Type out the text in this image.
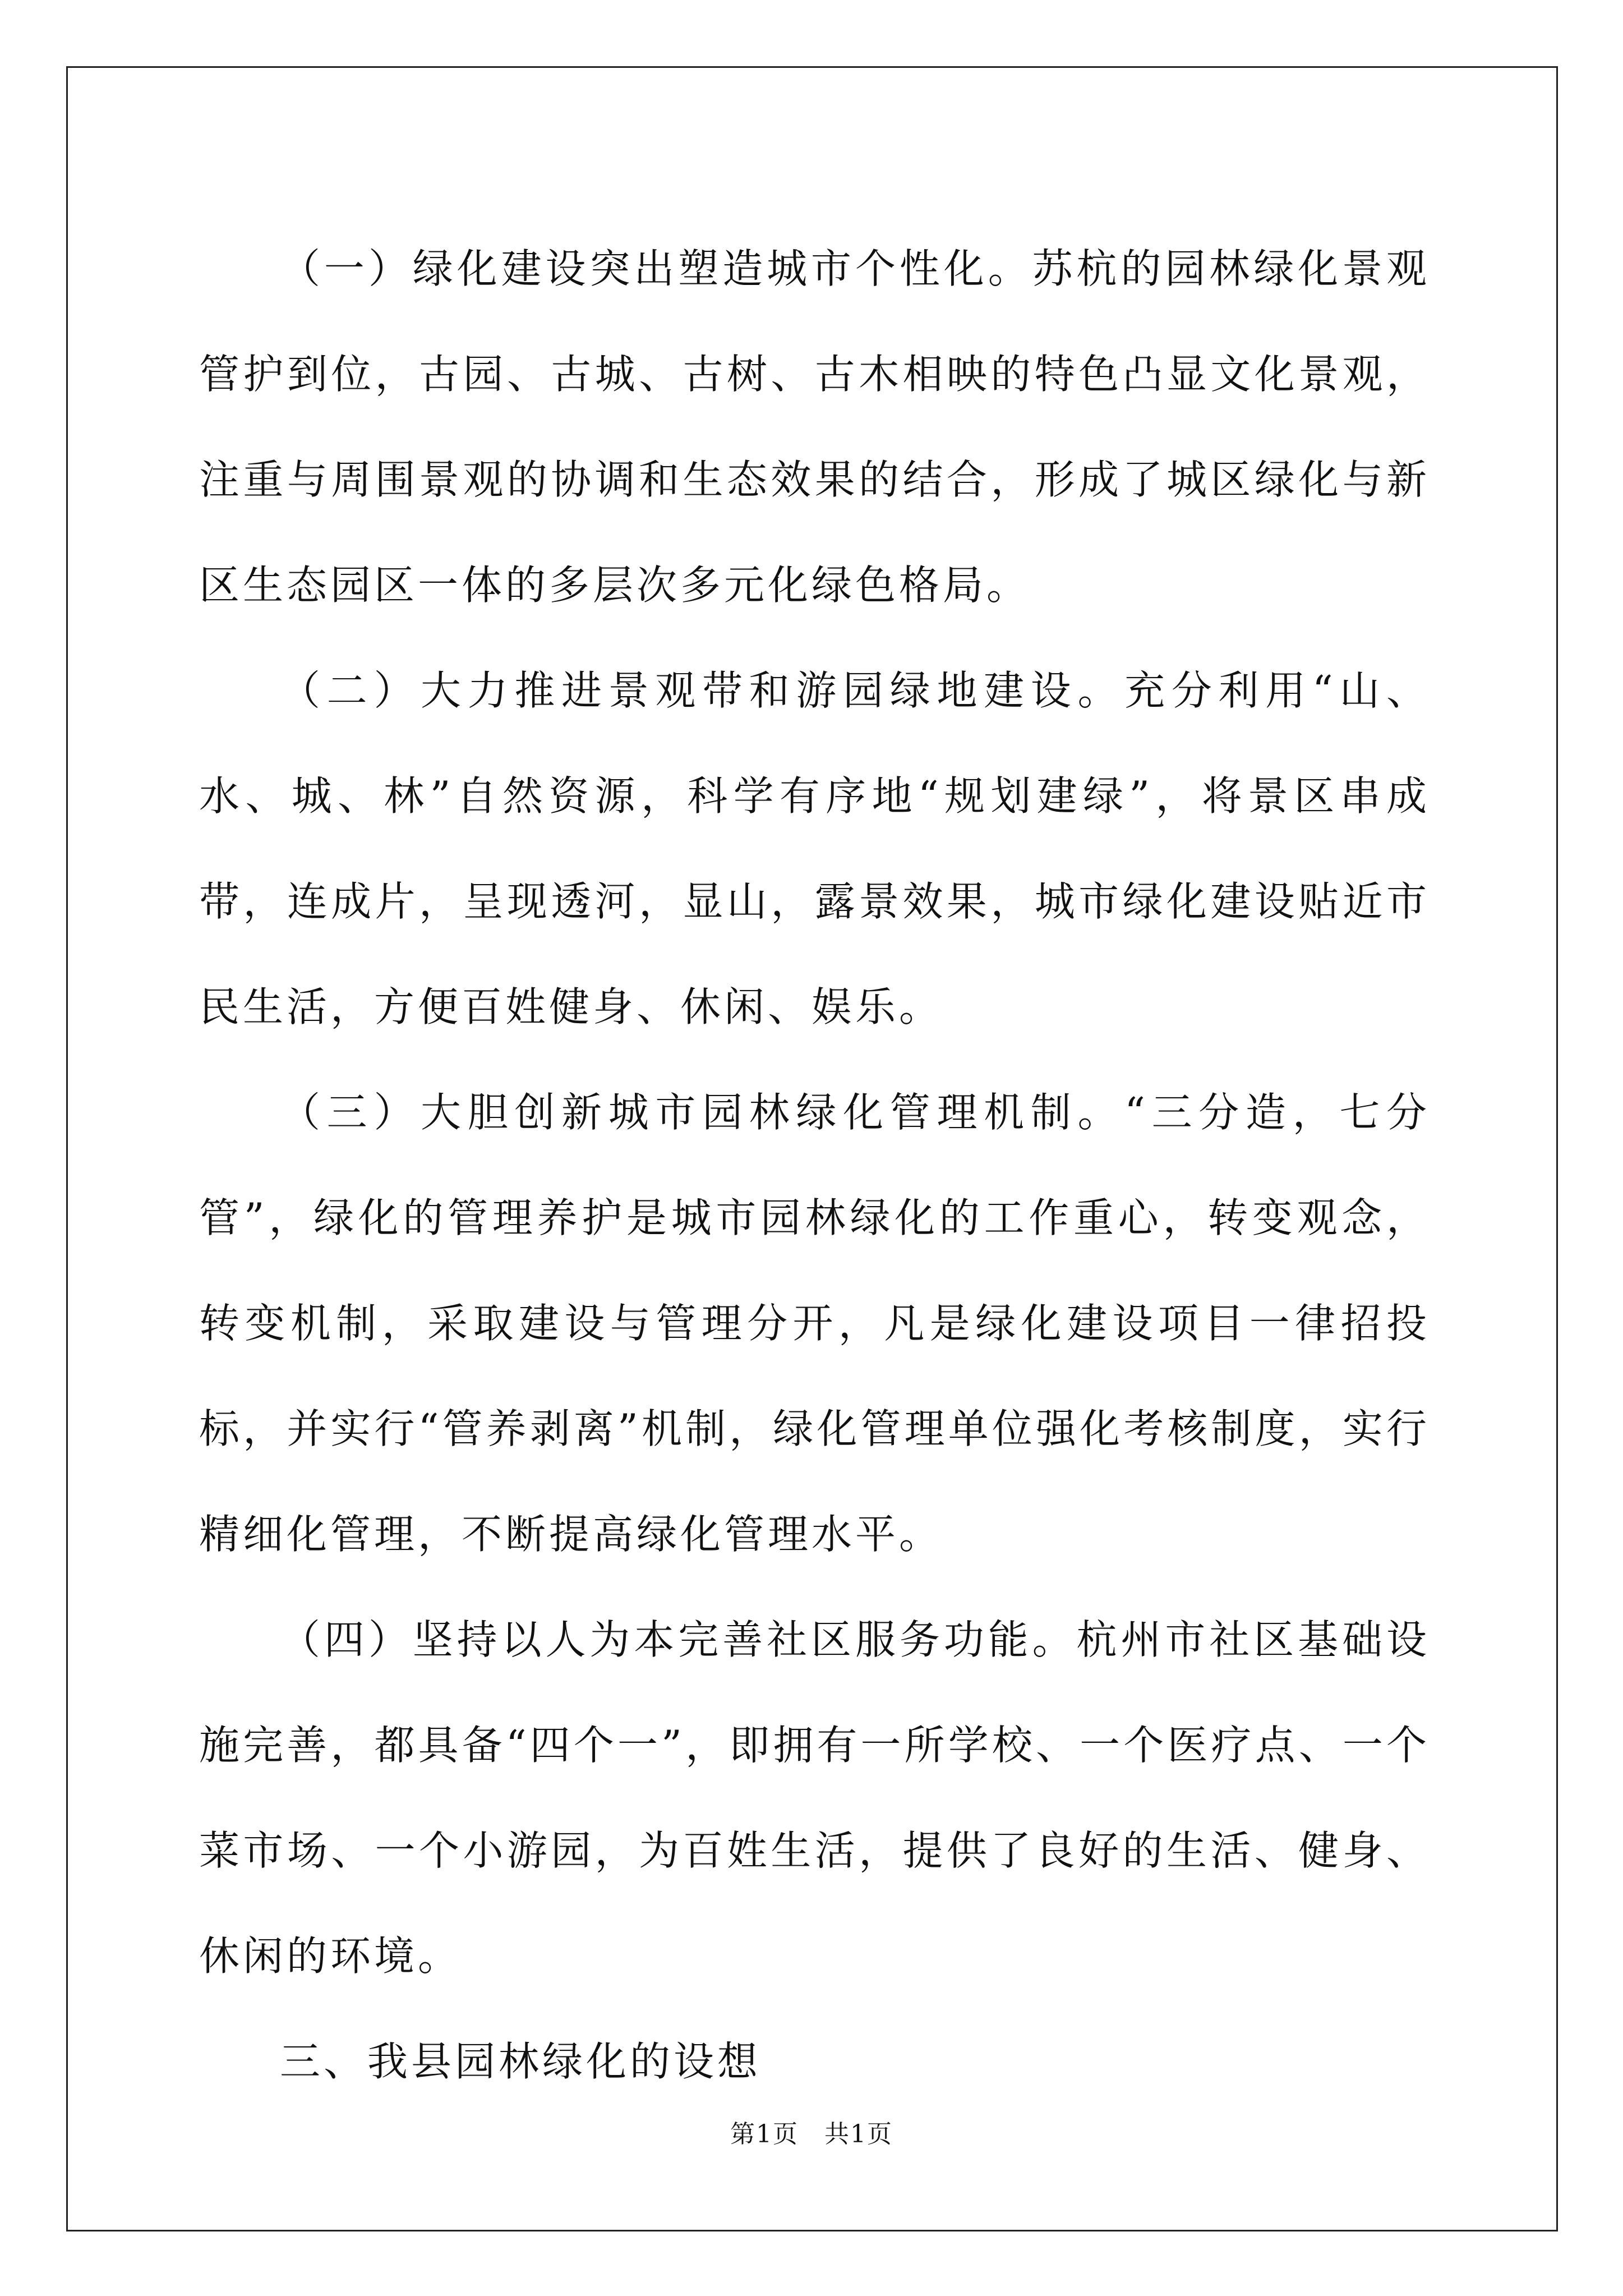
（一）绿化建设突出塑造城市个性化。苏杭的园林绿化景观管护到位，古园、古城、古树、古木相映的特色凸显文化景观，注重与周围景观的协调和生态效果的结合，形成了城区绿化与新区生态园区一体的多层次多元化绿色格局。

（二）大力推进景观带和游园绿地建设。充分利用“山、水、城、林”自然资源，科学有序地“规划建绿”，将景区串成带，连成片，呈现透河，显山，露景效果，城市绿化建设贴近市民生活，方便百姓健身、休闲、娱乐。

（三）大胆创新城市园林绿化管理机制。“三分造，七分管”，绿化的管理养护是城市园林绿化的工作重心，转变观念，转变机制，采取建设与管理分开，凡是绿化建设项目一律招投标，并实行“管养剥离”机制，绿化管理单位强化考核制度，实行精细化管理，不断提高绿化管理水平。

（四）坚持以人为本完善社区服务功能。杭州市社区基础设施完善，都具备“四个一”，即拥有一所学校、一个医疗点、一个菜市场、一个小游园，为百姓生活，提供了良好的生活、健身、休闲的环境。

三、我县园林绿化的设想

第1页　共1页
